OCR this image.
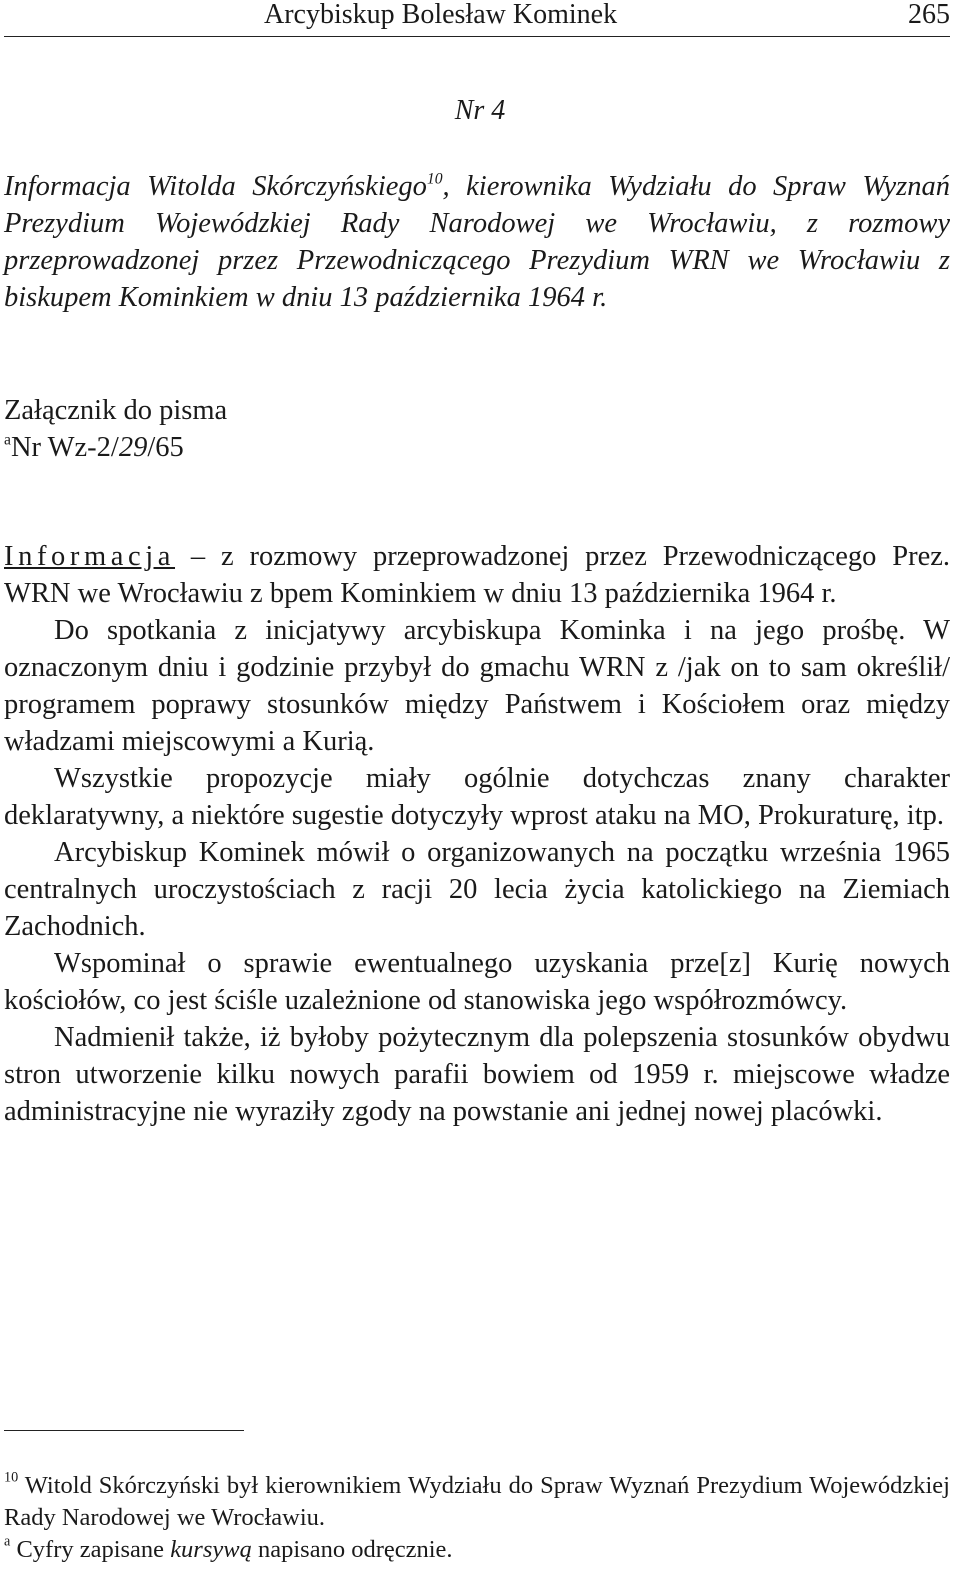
Arcybiskup Bolesław Kominek	265
Nr 4

Informacja Witolda Skórczyńskiego$^{10}$, kierownika Wydziału do Spraw Wyznań Prezydium Wojewódzkiej Rady Narodowej we Wrocławiu, z rozmowy przeprowadzonej przez Przewodniczącego Prezydium WRN we Wrocławiu z biskupem Kominkiem w dniu 13 października 1964 r.

Załącznik do pisma
$^a$Nr Wz-2/29/65

Informacja – z rozmowy przeprowadzonej przez Przewodniczącego Prez. WRN we Wrocławiu z bpem Kominkiem w dniu 13 października 1964 r.

Do spotkania z inicjatywy arcybiskupa Kominka i na jego prośbę. W oznaczonym dniu i godzinie przybył do gmachu WRN z /jak on to sam określił/ programem poprawy stosunków między Państwem i Kościołem oraz między władzami miejscowymi a Kurią.

Wszystkie propozycje miały ogólnie dotychczas znany charakter deklaratywny, a niektóre sugestie dotyczyły wprost ataku na MO, Prokuraturę, itp.

Arcybiskup Kominek mówił o organizowanych na początku września 1965 centralnych uroczystościach z racji 20 lecia życia katolickiego na Ziemiach Zachodnich.

Wspominał o sprawie ewentualnego uzyskania prze[z] Kurię nowych kościołów, co jest ściśle uzależnione od stanowiska jego współrozmówcy.

Nadmienił także, iż byłoby pożytecznym dla polepszenia stosunków obydwu stron utworzenie kilku nowych parafii bowiem od 1959 r. miejscowe władze administracyjne nie wyraziły zgody na powstanie ani jednej nowej placówki.

$^{10}$ Witold Skórczyński był kierownikiem Wydziału do Spraw Wyznań Prezydium Wojewódzkiej Rady Narodowej we Wrocławiu.

$^a$ Cyfry zapisane kursywą napisano odręcznie.
